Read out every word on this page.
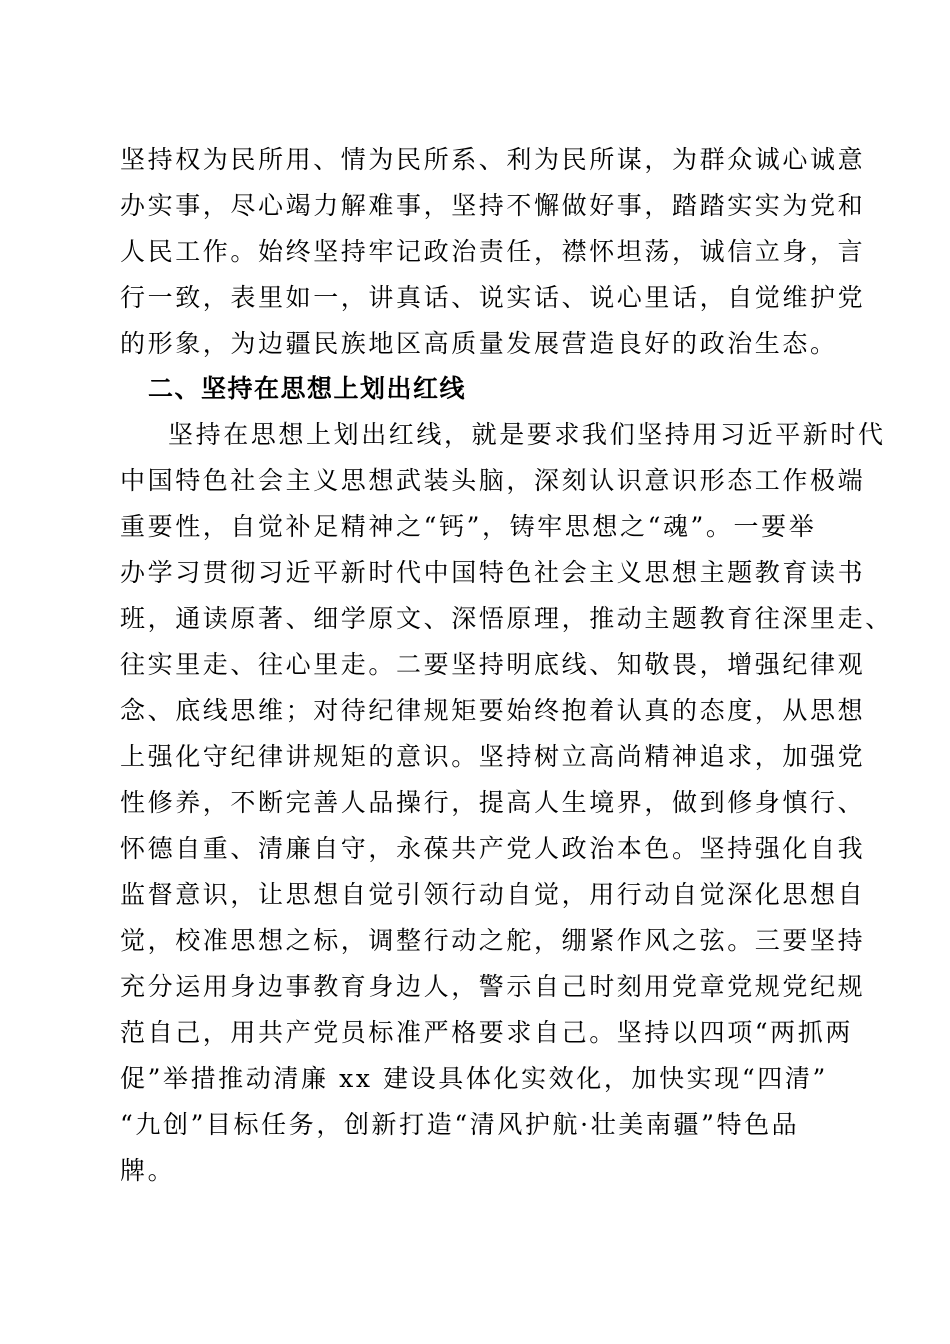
坚持权为民所用、情为民所系、利为民所谋，为群众诚心诚意
办实事，尽心竭力解难事，坚持不懈做好事，踏踏实实为党和
人民工作。始终坚持牢记政治责任，襟怀坦荡，诚信立身，言
行一致，表里如一，讲真话、说实话、说心里话，自觉维护党
的形象，为边疆民族地区高质量发展营造良好的政治生态。
二、坚持在思想上划出红线
坚持在思想上划出红线，就是要求我们坚持用习近平新时代
中国特色社会主义思想武装头脑，深刻认识意识形态工作极端
重要性，自觉补足精神之“钙”，铸牢思想之“魂”。一要举
办学习贯彻习近平新时代中国特色社会主义思想主题教育读书
班，通读原著、细学原文、深悟原理，推动主题教育往深里走、
往实里走、往心里走。二要坚持明底线、知敬畏，增强纪律观
念、底线思维；对待纪律规矩要始终抱着认真的态度，从思想
上强化守纪律讲规矩的意识。坚持树立高尚精神追求，加强党
性修养，不断完善人品操行，提高人生境界，做到修身慎行、
怀德自重、清廉自守，永葆共产党人政治本色。坚持强化自我
监督意识，让思想自觉引领行动自觉，用行动自觉深化思想自
觉，校准思想之标，调整行动之舵，绷紧作风之弦。三要坚持
充分运用身边事教育身边人，警示自己时刻用党章党规党纪规
范自己，用共产党员标准严格要求自己。坚持以四项“两抓两
促”举措推动清廉 xx 建设具体化实效化，加快实现“四清”
“九创”目标任务，创新打造“清风护航·壮美南疆”特色品
牌。
